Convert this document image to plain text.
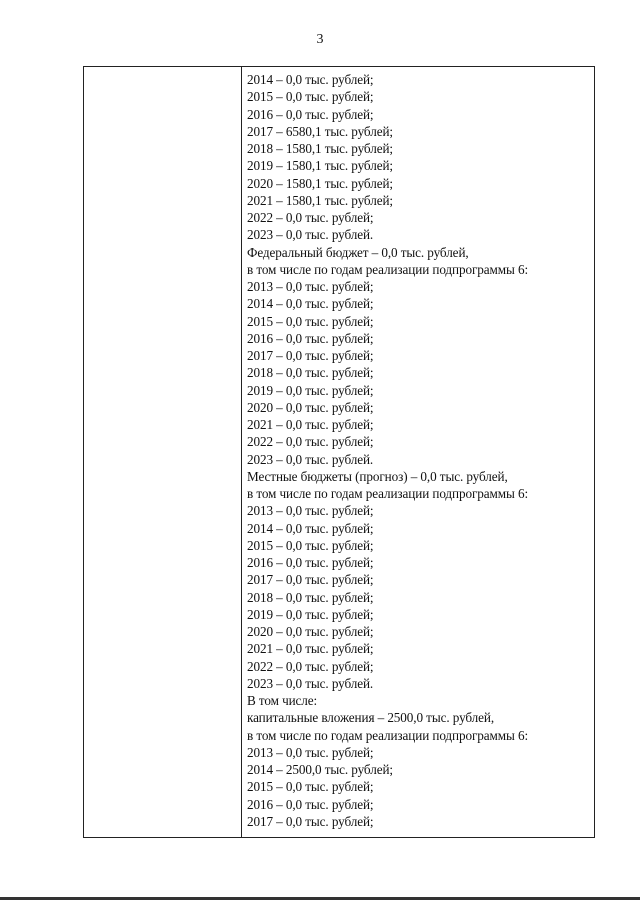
3
2014 – 0,0 тыс. рублей;
2015 – 0,0 тыс. рублей;
2016 – 0,0 тыс. рублей;
2017 – 6580,1 тыс. рублей;
2018 – 1580,1 тыс. рублей;
2019 – 1580,1 тыс. рублей;
2020 – 1580,1 тыс. рублей;
2021 – 1580,1 тыс. рублей;
2022 – 0,0 тыс. рублей;
2023 – 0,0 тыс. рублей.
Федеральный бюджет – 0,0 тыс. рублей,
в том числе по годам реализации подпрограммы 6:
2013 – 0,0 тыс. рублей;
2014 – 0,0 тыс. рублей;
2015 – 0,0 тыс. рублей;
2016 – 0,0 тыс. рублей;
2017 – 0,0 тыс. рублей;
2018 – 0,0 тыс. рублей;
2019 – 0,0 тыс. рублей;
2020 – 0,0 тыс. рублей;
2021 – 0,0 тыс. рублей;
2022 – 0,0 тыс. рублей;
2023 – 0,0 тыс. рублей.
Местные бюджеты (прогноз) – 0,0 тыс. рублей,
в том числе по годам реализации подпрограммы 6:
2013 – 0,0 тыс. рублей;
2014 – 0,0 тыс. рублей;
2015 – 0,0 тыс. рублей;
2016 – 0,0 тыс. рублей;
2017 – 0,0 тыс. рублей;
2018 – 0,0 тыс. рублей;
2019 – 0,0 тыс. рублей;
2020 – 0,0 тыс. рублей;
2021 – 0,0 тыс. рублей;
2022 – 0,0 тыс. рублей;
2023 – 0,0 тыс. рублей.
В том числе:
капитальные вложения – 2500,0 тыс. рублей,
в том числе по годам реализации подпрограммы 6:
2013 – 0,0 тыс. рублей;
2014 – 2500,0 тыс. рублей;
2015 – 0,0 тыс. рублей;
2016 – 0,0 тыс. рублей;
2017 – 0,0 тыс. рублей;
